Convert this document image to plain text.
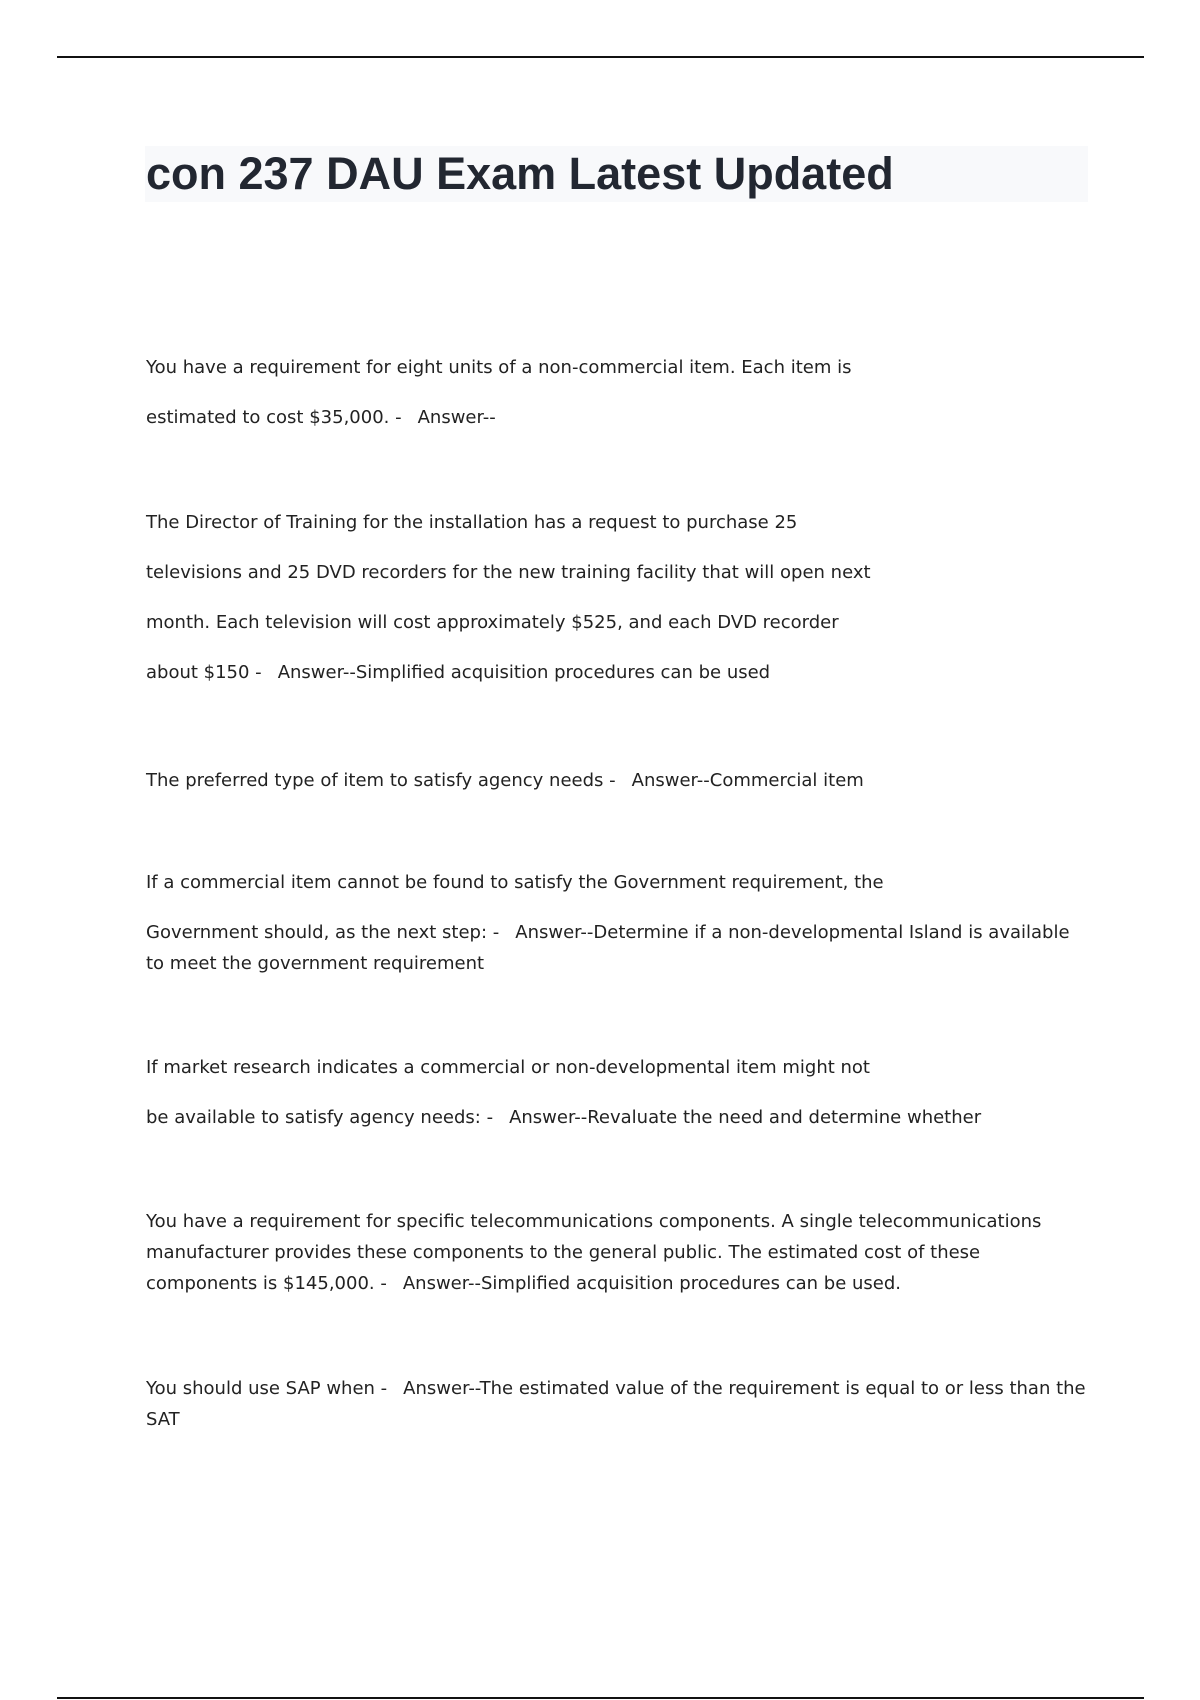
con 237 DAU Exam Latest Updated
You have a requirement for eight units of a non-commercial item. Each item is
estimated to cost $35,000. - Answer--
The Director of Training for the installation has a request to purchase 25
televisions and 25 DVD recorders for the new training facility that will open next
month. Each television will cost approximately $525, and each DVD recorder
about $150 - Answer--Simplified acquisition procedures can be used
The preferred type of item to satisfy agency needs - Answer--Commercial item
If a commercial item cannot be found to satisfy the Government requirement, the
Government should, as the next step: - Answer--Determine if a non-developmental Island is available to meet the government requirement
If market research indicates a commercial or non-developmental item might not
be available to satisfy agency needs: - Answer--Revaluate the need and determine whether
You have a requirement for specific telecommunications components. A single telecommunications manufacturer provides these components to the general public. The estimated cost of these components is $145,000. - Answer--Simplified acquisition procedures can be used.
You should use SAP when - Answer--The estimated value of the requirement is equal to or less than the SAT
